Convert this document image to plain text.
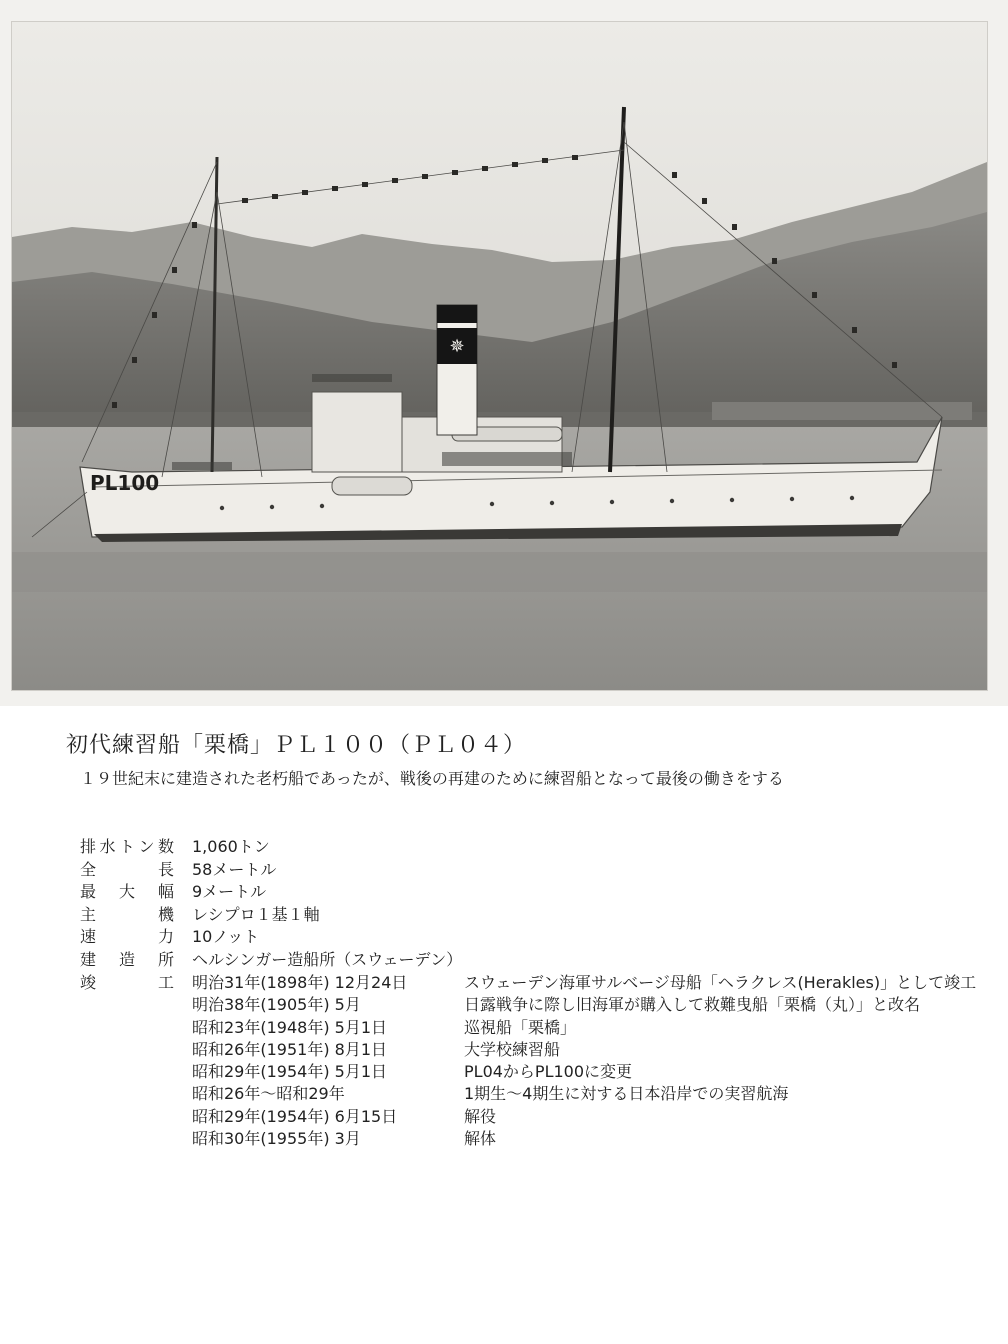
✵
PL100
初代練習船「栗橋」ＰＬ１００（ＰＬ０４）
１９世紀末に建造された老朽船であったが、戦後の再建のために練習船となって最後の働きをする
排 水 ト ン 数	1,060トン
全	長	58メートル
最 大 幅	9メートル
主	機	レシプロ１基１軸
速	力	10ノット
建 造 所	ヘルシンガー造船所（スウェーデン）
竣	工	明治31年(1898年) 12月24日	スウェーデン海軍サルベージ母船「ヘラクレス(Herakles)」として竣工
明治38年(1905年) 5月	日露戦争に際し旧海軍が購入して救難曳船「栗橋（丸）」と改名
昭和23年(1948年) 5月1日	巡視船「栗橋」
昭和26年(1951年) 8月1日	大学校練習船
昭和29年(1954年) 5月1日	PL04からPL100に変更
昭和26年～昭和29年	1期生～4期生に対する日本沿岸での実習航海
昭和29年(1954年) 6月15日	解役
昭和30年(1955年) 3月	解体
